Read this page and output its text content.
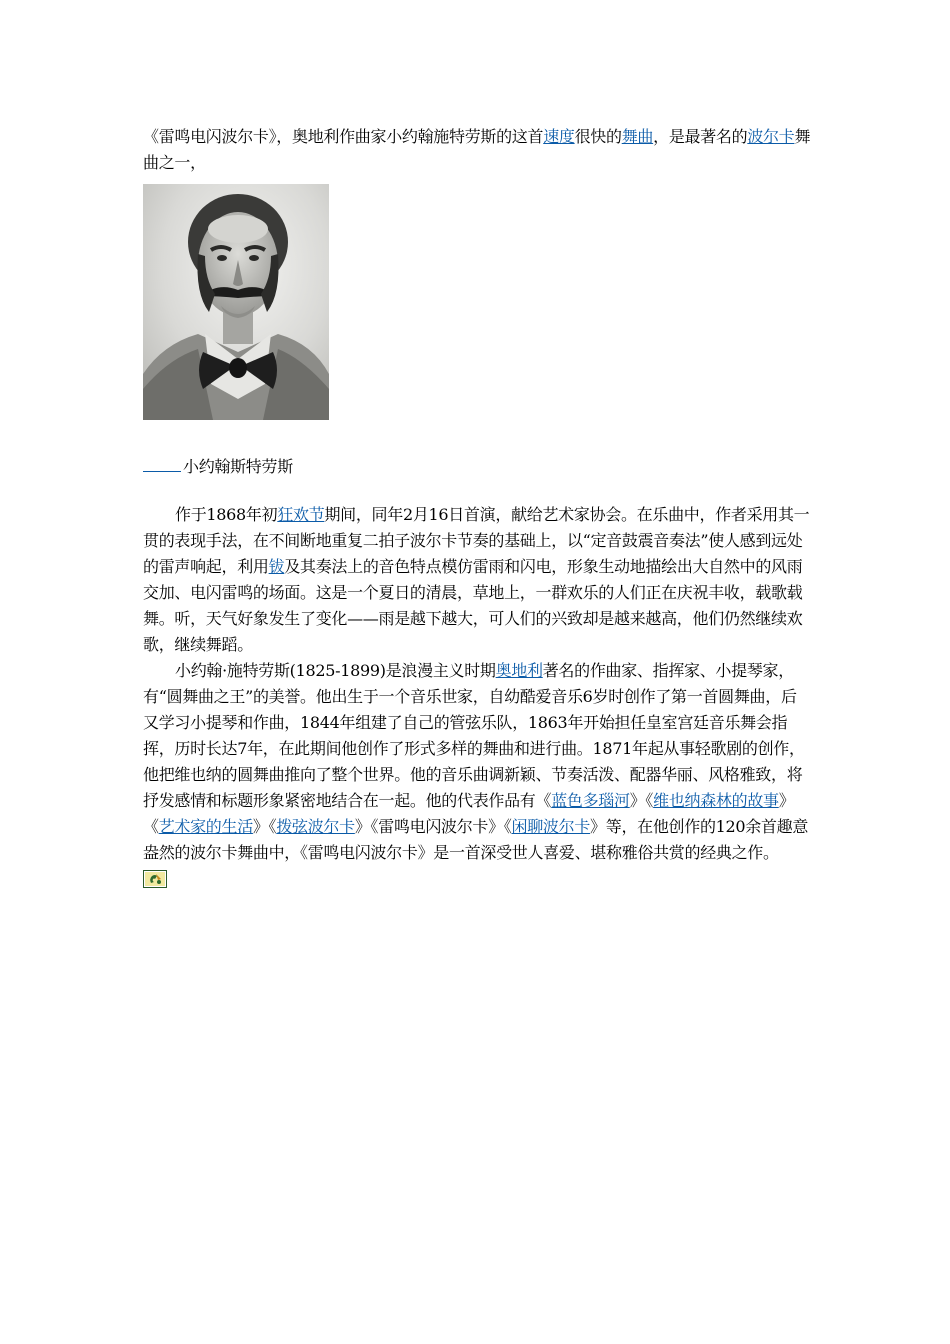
《雷鸣电闪波尔卡》，奥地利作曲家小约翰施特劳斯的这首速度很快的舞曲，是最著名的波尔卡舞曲之一，

小约翰斯特劳斯

作于1868年初狂欢节期间，同年2月16日首演，献给艺术家协会。在乐曲中，作者采用其一贯的表现手法，在不间断地重复二拍子波尔卡节奏的基础上，以“定音鼓震音奏法”使人感到远处的雷声响起，利用钹及其奏法上的音色特点模仿雷雨和闪电，形象生动地描绘出大自然中的风雨交加、电闪雷鸣的场面。这是一个夏日的清晨，草地上，一群欢乐的人们正在庆祝丰收，载歌载舞。听，天气好象发生了变化——雨是越下越大，可人们的兴致却是越来越高，他们仍然继续欢歌，继续舞蹈。

小约翰·施特劳斯(1825-1899)是浪漫主义时期奥地利著名的作曲家、指挥家、小提琴家，有“圆舞曲之王”的美誉。他出生于一个音乐世家，自幼酷爱音乐6岁时创作了第一首圆舞曲，后又学习小提琴和作曲，1844年组建了自己的管弦乐队，1863年开始担任皇室宫廷音乐舞会指挥，历时长达7年，在此期间他创作了形式多样的舞曲和进行曲。1871年起从事轻歌剧的创作，他把维也纳的圆舞曲推向了整个世界。他的音乐曲调新颖、节奏活泼、配器华丽、风格雅致，将抒发感情和标题形象紧密地结合在一起。他的代表作品有《蓝色多瑙河》《维也纳森林的故事》《艺术家的生活》《拨弦波尔卡》《雷鸣电闪波尔卡》《闲聊波尔卡》等，在他创作的120余首趣意盎然的波尔卡舞曲中，《雷鸣电闪波尔卡》是一首深受世人喜爱、堪称雅俗共赏的经典之作。
